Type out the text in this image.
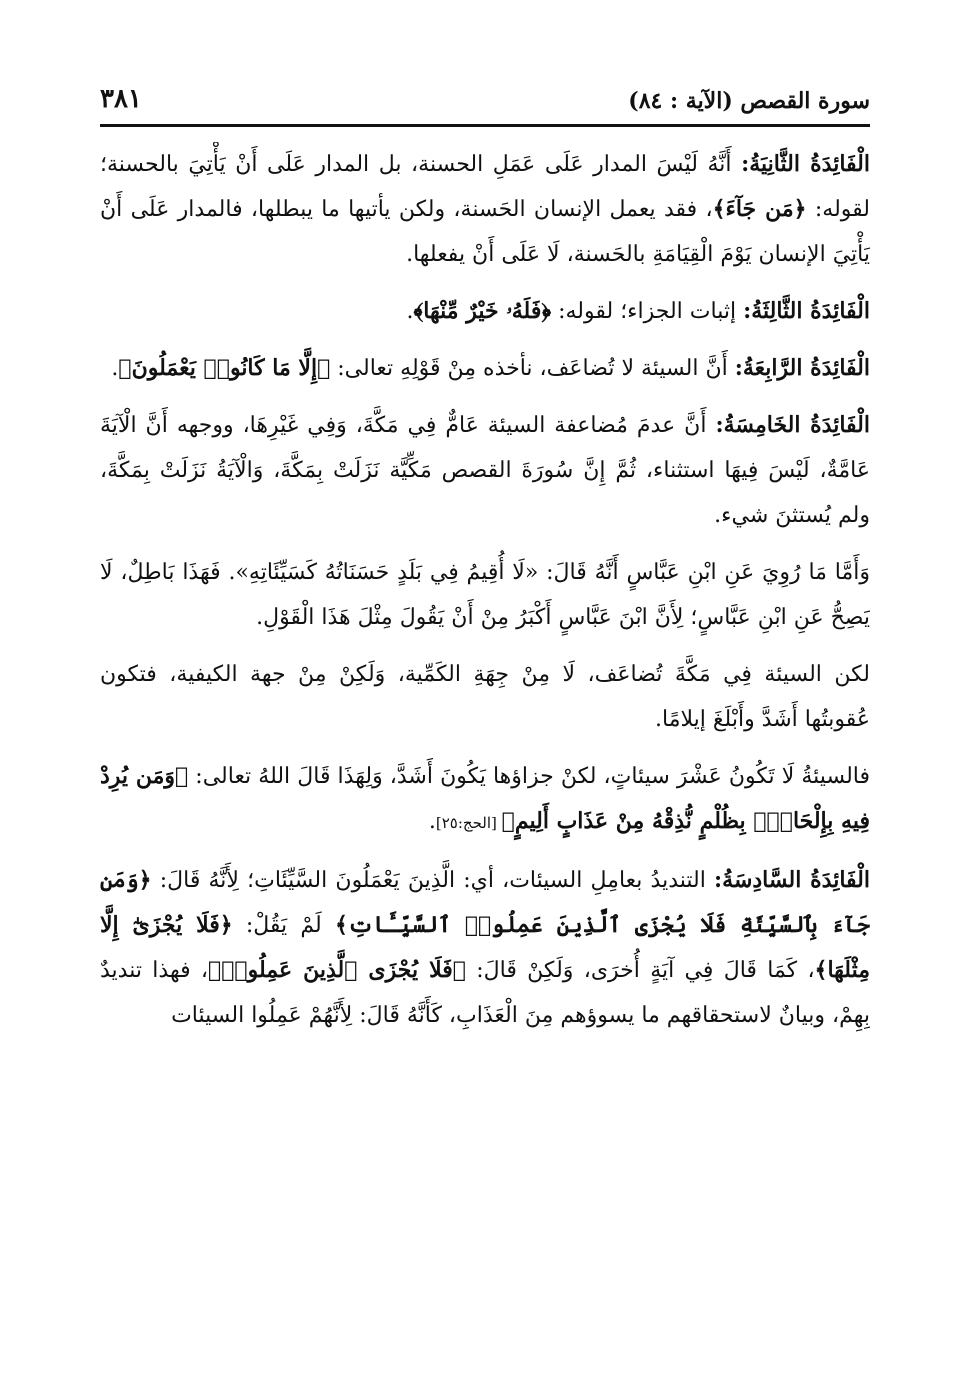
سورة القصص (الآية : ٨٤)
٣٨١

الْفَائِدَةُ الثَّانِيَةُ: أَنَّهُ لَيْسَ المدار عَلَى عَمَلِ الحسنة، بل المدار عَلَى أَنْ يَأْتِيَ بالحسنة؛ لقوله: ﴿مَن جَآءَ﴾، فقد يعمل الإنسان الحَسنة، ولكن يأتيها ما يبطلها، فالمدار عَلَى أَنْ يَأْتِيَ الإنسان يَوْمَ الْقِيَامَةِ بالحَسنة، لَا عَلَى أَنْ يفعلها.

الْفَائِدَةُ الثَّالِثَةُ: إثبات الجزاء؛ لقوله: ﴿فَلَهُۥ خَيْرٌ مِّنْهَا﴾.

الْفَائِدَةُ الرَّابِعَةُ: أَنَّ السيئة لا تُضاعَف، نأخذه مِنْ قَوْلِهِ تعالى: ﴿إِلَّا مَا كَانُوا۟ يَعْمَلُونَ﴾.

الْفَائِدَةُ الخَامِسَةُ: أَنَّ عدمَ مُضاعفة السيئة عَامٌّ فِي مَكَّةَ، وَفِي غَيْرِهَا، ووجهه أَنَّ الْآيَةَ عَامَّةٌ، لَيْسَ فِيهَا استثناء، ثُمَّ إِنَّ سُورَةَ القصص مَكِّيَّة نَزَلَتْ بِمَكَّةَ، وَالْآيَةُ نَزَلَتْ بِمَكَّةَ، ولم يُستثنَ شيء.

وَأَمَّا مَا رُوِيَ عَنِ ابْنِ عَبَّاسٍ أَنَّهُ قَالَ: «لَا أُقِيمُ فِي بَلَدٍ حَسَنَاتُهُ كَسَيِّئَاتِهِ». فَهَذَا بَاطِلٌ، لَا يَصِحُّ عَنِ ابْنِ عَبَّاسٍ؛ لِأَنَّ ابْنَ عَبَّاسٍ أَكْبَرُ مِنْ أَنْ يَقُولَ مِثْلَ هَذَا الْقَوْلِ.

لكن السيئة فِي مَكَّةَ تُضاعَف، لَا مِنْ جِهَةِ الكَمِّية، وَلَكِنْ مِنْ جهة الكيفية، فتكون عُقوبتُها أَشَدَّ وأَبْلَغَ إيلامًا.

فالسيئةُ لَا تَكُونُ عَشْرَ سيئاتٍ، لكنْ جزاؤها يَكُونَ أَشَدَّ، وَلِهَذَا قَالَ اللهُ تعالى: ﴿وَمَن يُرِدْ فِيهِ بِإِلْحَادٍۭ بِظُلْمٍ نُّذِقْهُ مِنْ عَذَابٍ أَلِيمٍ﴾ [الحج:٢٥].

الْفَائِدَةُ السَّادِسَةُ: التنديدُ بعامِلِ السيئات، أي: الَّذِينَ يَعْمَلُونَ السَّيِّئَاتِ؛ لِأَنَّهُ قَالَ: ﴿وَمَن جَآءَ بِٱلسَّيِّئَةِ فَلَا يُجْزَى ٱلَّذِينَ عَمِلُوا۟ ٱلسَّيِّـَٔاتِ﴾ لَمْ يَقُلْ: ﴿فَلَا يُجْزَىٰٓ إِلَّا مِثْلَهَا﴾، كَمَا قَالَ فِي آيَةٍ أُخرَى، وَلَكِنْ قَالَ: ﴿فَلَا يُجْزَى ٱلَّذِينَ عَمِلُوا۟﴾، فهذا تنديدٌ بِهِمْ، وبيانٌ لاستحقاقهم ما يسوؤهم مِنَ الْعَذَابِ، كَأَنَّهُ قَالَ: لِأَنَّهُمْ عَمِلُوا السيئات
